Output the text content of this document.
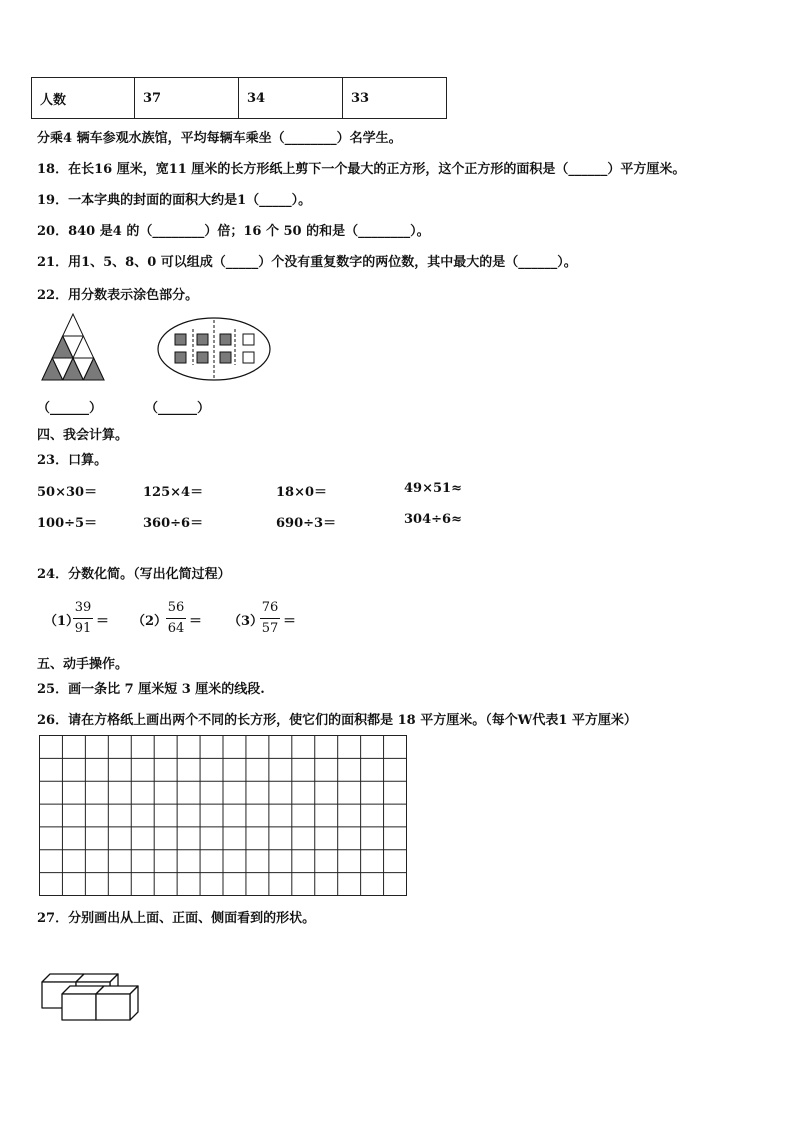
人数	37	34	33
分乘4 辆车参观水族馆，平均每辆车乘坐（________）名学生。
18．在长16 厘米，宽11 厘米的长方形纸上剪下一个最大的正方形，这个正方形的面积是（______）平方厘米。
19．一本字典的封面的面积大约是1（_____）。
20．840 是4 的（________）倍；16 个 50 的和是（________）。
21．用1、5、8、0 可以组成（_____）个没有重复数字的两位数，其中最大的是（______）。
22．用分数表示涂色部分。
（______）	（______）
四、我会计算。
23．口算。
50×30＝	125×4＝	18×0＝	49×51≈
100÷5＝	360÷6＝	690÷3＝	304÷6≈
24．分数化简。（写出化简过程）
（1）
39
91 ＝ （2）
56
64 ＝ （3）
76
57 ＝
五、动手操作。
25．画一条比 7 厘米短 3 厘米的线段.
26．请在方格纸上画出两个不同的长方形，使它们的面积都是 18 平方厘米。（每个W代表1 平方厘米）
27．分别画出从上面、正面、侧面看到的形状。
